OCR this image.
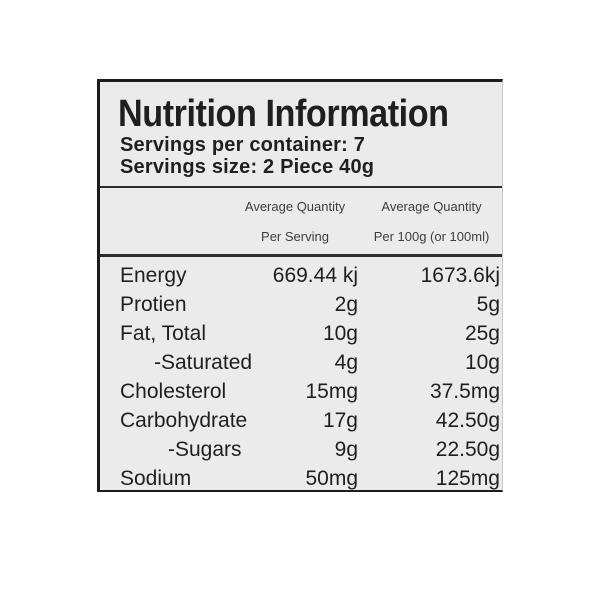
Nutrition Information
Servings per container: 7
Servings size: 2 Piece 40g
Average Quantity
Per Serving
Average Quantity
Per 100g (or 100ml)
Energy	669.44 kj	1673.6kj
Protien	2g	5g
Fat, Total	10g	25g
-Saturated	4g	10g
Cholesterol	15mg	37.5mg
Carbohydrate	17g	42.50g
-Sugars	9g	22.50g
Sodium	50mg	125mg
